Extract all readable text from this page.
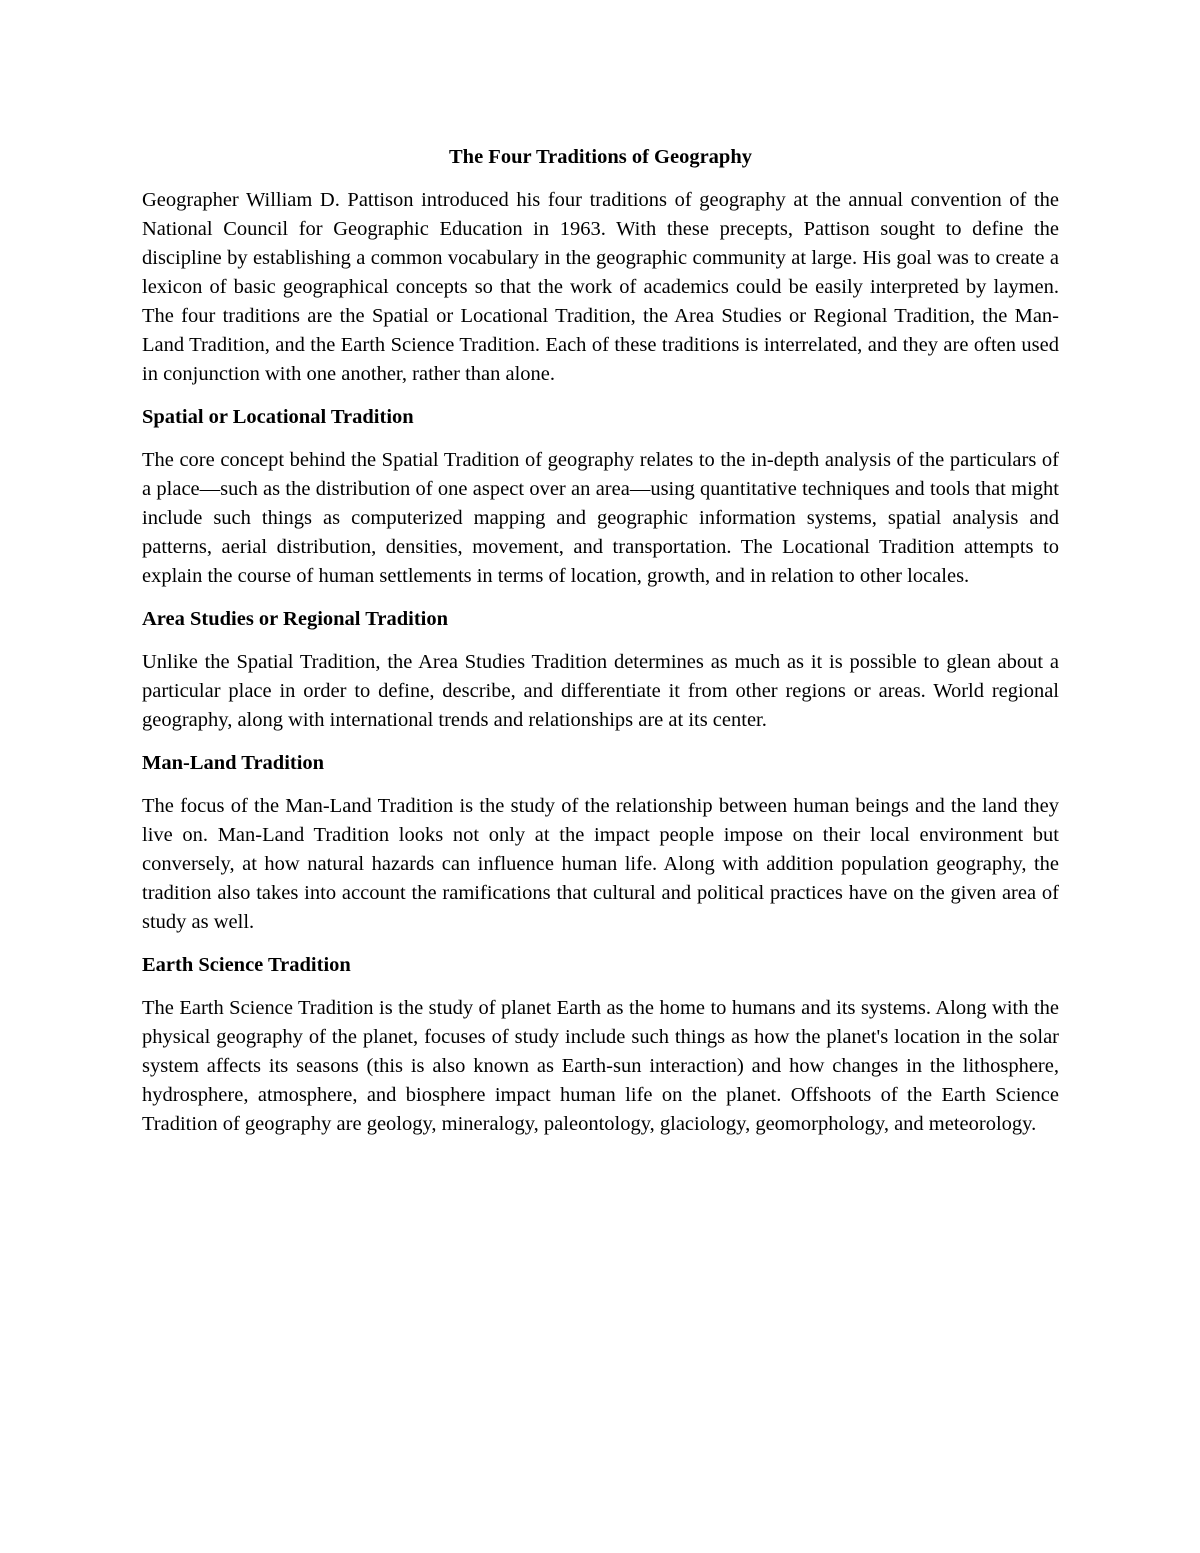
The Four Traditions of Geography

Geographer William D. Pattison introduced his four traditions of geography at the annual convention of the National Council for Geographic Education in 1963. With these precepts, Pattison sought to define the discipline by establishing a common vocabulary in the geographic community at large. His goal was to create a lexicon of basic geographical concepts so that the work of academics could be easily interpreted by laymen. The four traditions are the Spatial or Locational Tradition, the Area Studies or Regional Tradition, the Man-Land Tradition, and the Earth Science Tradition. Each of these traditions is interrelated, and they are often used in conjunction with one another, rather than alone.

Spatial or Locational Tradition

The core concept behind the Spatial Tradition of geography relates to the in-depth analysis of the particulars of a place—such as the distribution of one aspect over an area—using quantitative techniques and tools that might include such things as computerized mapping and geographic information systems, spatial analysis and patterns, aerial distribution, densities, movement, and transportation. The Locational Tradition attempts to explain the course of human settlements in terms of location, growth, and in relation to other locales.

Area Studies or Regional Tradition

Unlike the Spatial Tradition, the Area Studies Tradition determines as much as it is possible to glean about a particular place in order to define, describe, and differentiate it from other regions or areas. World regional geography, along with international trends and relationships are at its center.

Man-Land Tradition

The focus of the Man-Land Tradition is the study of the relationship between human beings and the land they live on. Man-Land Tradition looks not only at the impact people impose on their local environment but conversely, at how natural hazards can influence human life. Along with addition population geography, the tradition also takes into account the ramifications that cultural and political practices have on the given area of study as well.

Earth Science Tradition

The Earth Science Tradition is the study of planet Earth as the home to humans and its systems. Along with the physical geography of the planet, focuses of study include such things as how the planet's location in the solar system affects its seasons (this is also known as Earth-sun interaction) and how changes in the lithosphere, hydrosphere, atmosphere, and biosphere impact human life on the planet. Offshoots of the Earth Science Tradition of geography are geology, mineralogy, paleontology, glaciology, geomorphology, and meteorology.
